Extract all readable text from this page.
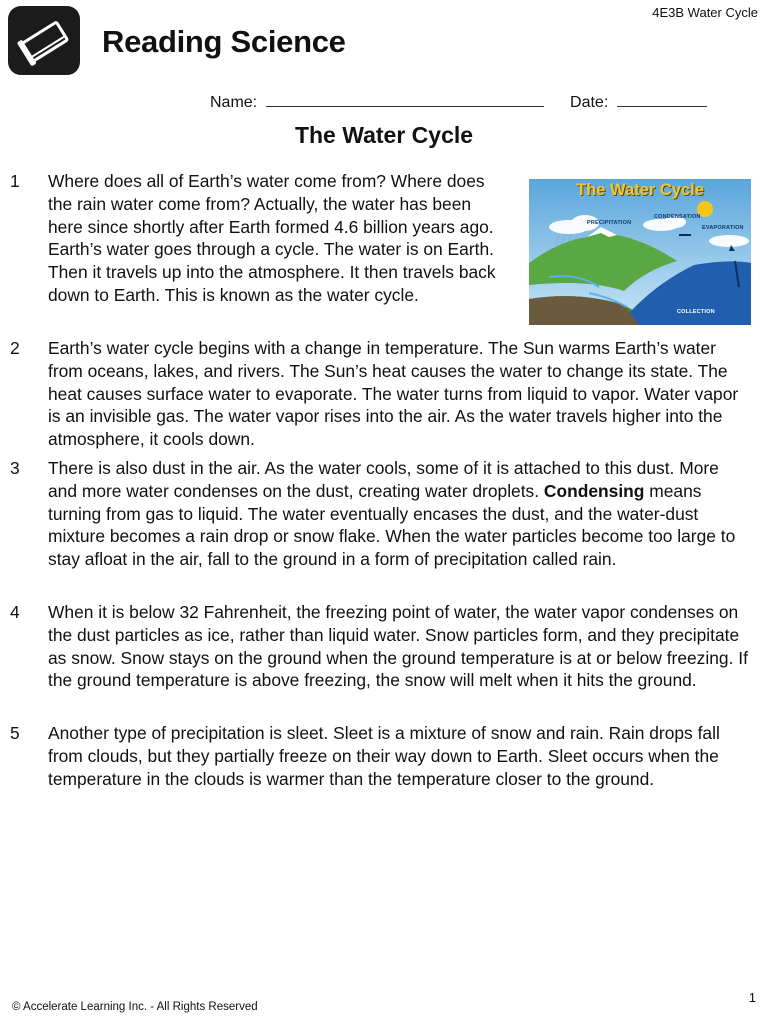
Reading Science
4E3B Water Cycle
Name:	Date:
The Water Cycle
1 Where does all of Earth’s water come from? Where does the rain water come from? Actually, the water has been here since shortly after Earth formed 4.6 billion years ago. Earth’s water goes through a cycle. The water is on Earth. Then it travels up into the atmosphere. It then travels back down to Earth. This is known as the water cycle.
The Water Cycle
PRECIPITATION
CONDENSATION
EVAPORATION
COLLECTION
2 Earth’s water cycle begins with a change in temperature. The Sun warms Earth’s water from oceans, lakes, and rivers. The Sun’s heat causes the water to change its state. The heat causes surface water to evaporate. The water turns from liquid to vapor. Water vapor is an invisible gas. The water vapor rises into the air. As the water travels higher into the atmosphere, it cools down.
3 There is also dust in the air. As the water cools, some of it is attached to this dust. More and more water condenses on the dust, creating water droplets. Condensing means turning from gas to liquid. The water eventually encases the dust, and the water-dust mixture becomes a rain drop or snow flake. When the water particles become too large to stay afloat in the air, fall to the ground in a form of precipitation called rain.
4 When it is below 32 Fahrenheit, the freezing point of water, the water vapor condenses on the dust particles as ice, rather than liquid water. Snow particles form, and they precipitate as snow. Snow stays on the ground when the ground temperature is at or below freezing. If the ground temperature is above freezing, the snow will melt when it hits the ground.
5 Another type of precipitation is sleet. Sleet is a mixture of snow and rain. Rain drops fall from clouds, but they partially freeze on their way down to Earth. Sleet occurs when the temperature in the clouds is warmer than the temperature closer to the ground.
© Accelerate Learning Inc. - All Rights Reserved
1
